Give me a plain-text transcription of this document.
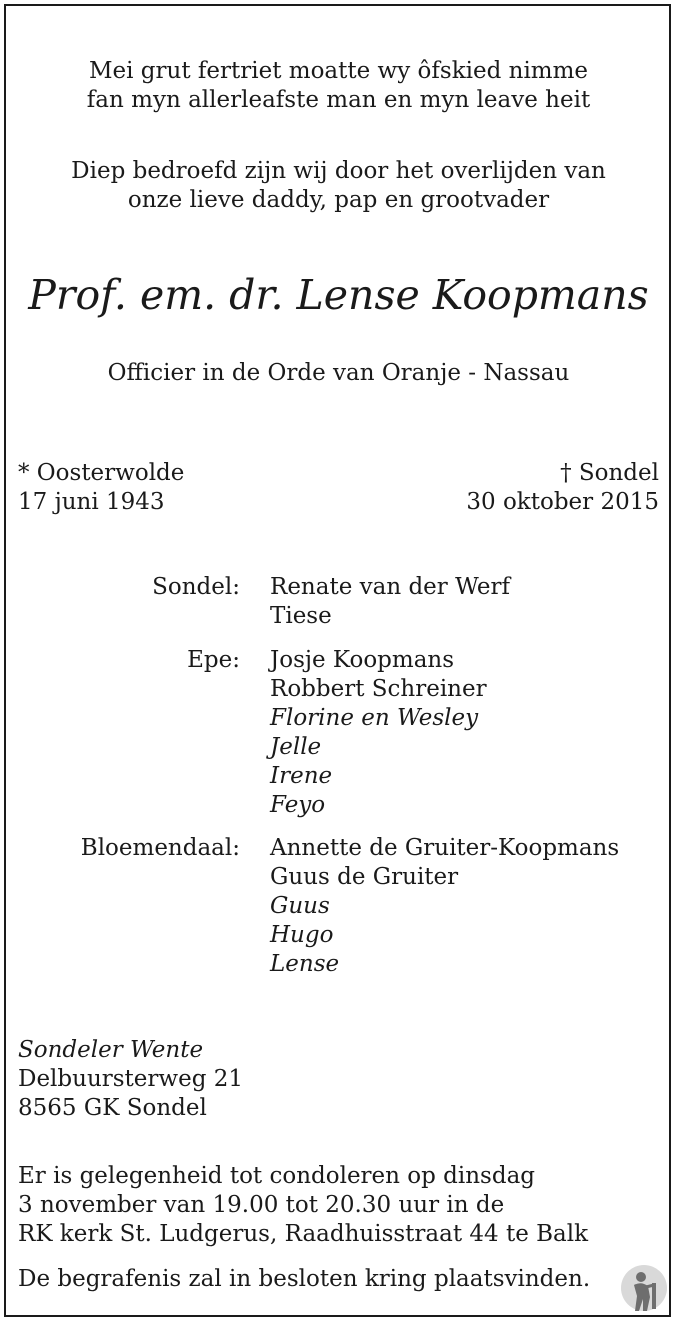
Mei grut fertriet moatte wy ôfskied nimme

fan myn allerleafste man en myn leave heit

Diep bedroefd zijn wij door het overlijden van

onze lieve daddy, pap en grootvader

Prof. em. dr. Lense Koopmans

Officier in de Orde van Oranje - Nassau

* Oosterwolde

17 juni 1943

† Sondel

30 oktober 2015

Sondel: Renate van der Werf

Tiese

Epe: Josje Koopmans

Robbert Schreiner

Florine en Wesley

Jelle

Irene

Feyo

Bloemendaal: Annette de Gruiter-Koopmans

Guus de Gruiter

Guus

Hugo

Lense

Sondeler Wente

Delbuursterweg 21

8565 GK Sondel

Er is gelegenheid tot condoleren op dinsdag

3 november van 19.00 tot 20.30 uur in de

RK kerk St. Ludgerus, Raadhuisstraat 44 te Balk

De begrafenis zal in besloten kring plaatsvinden.
